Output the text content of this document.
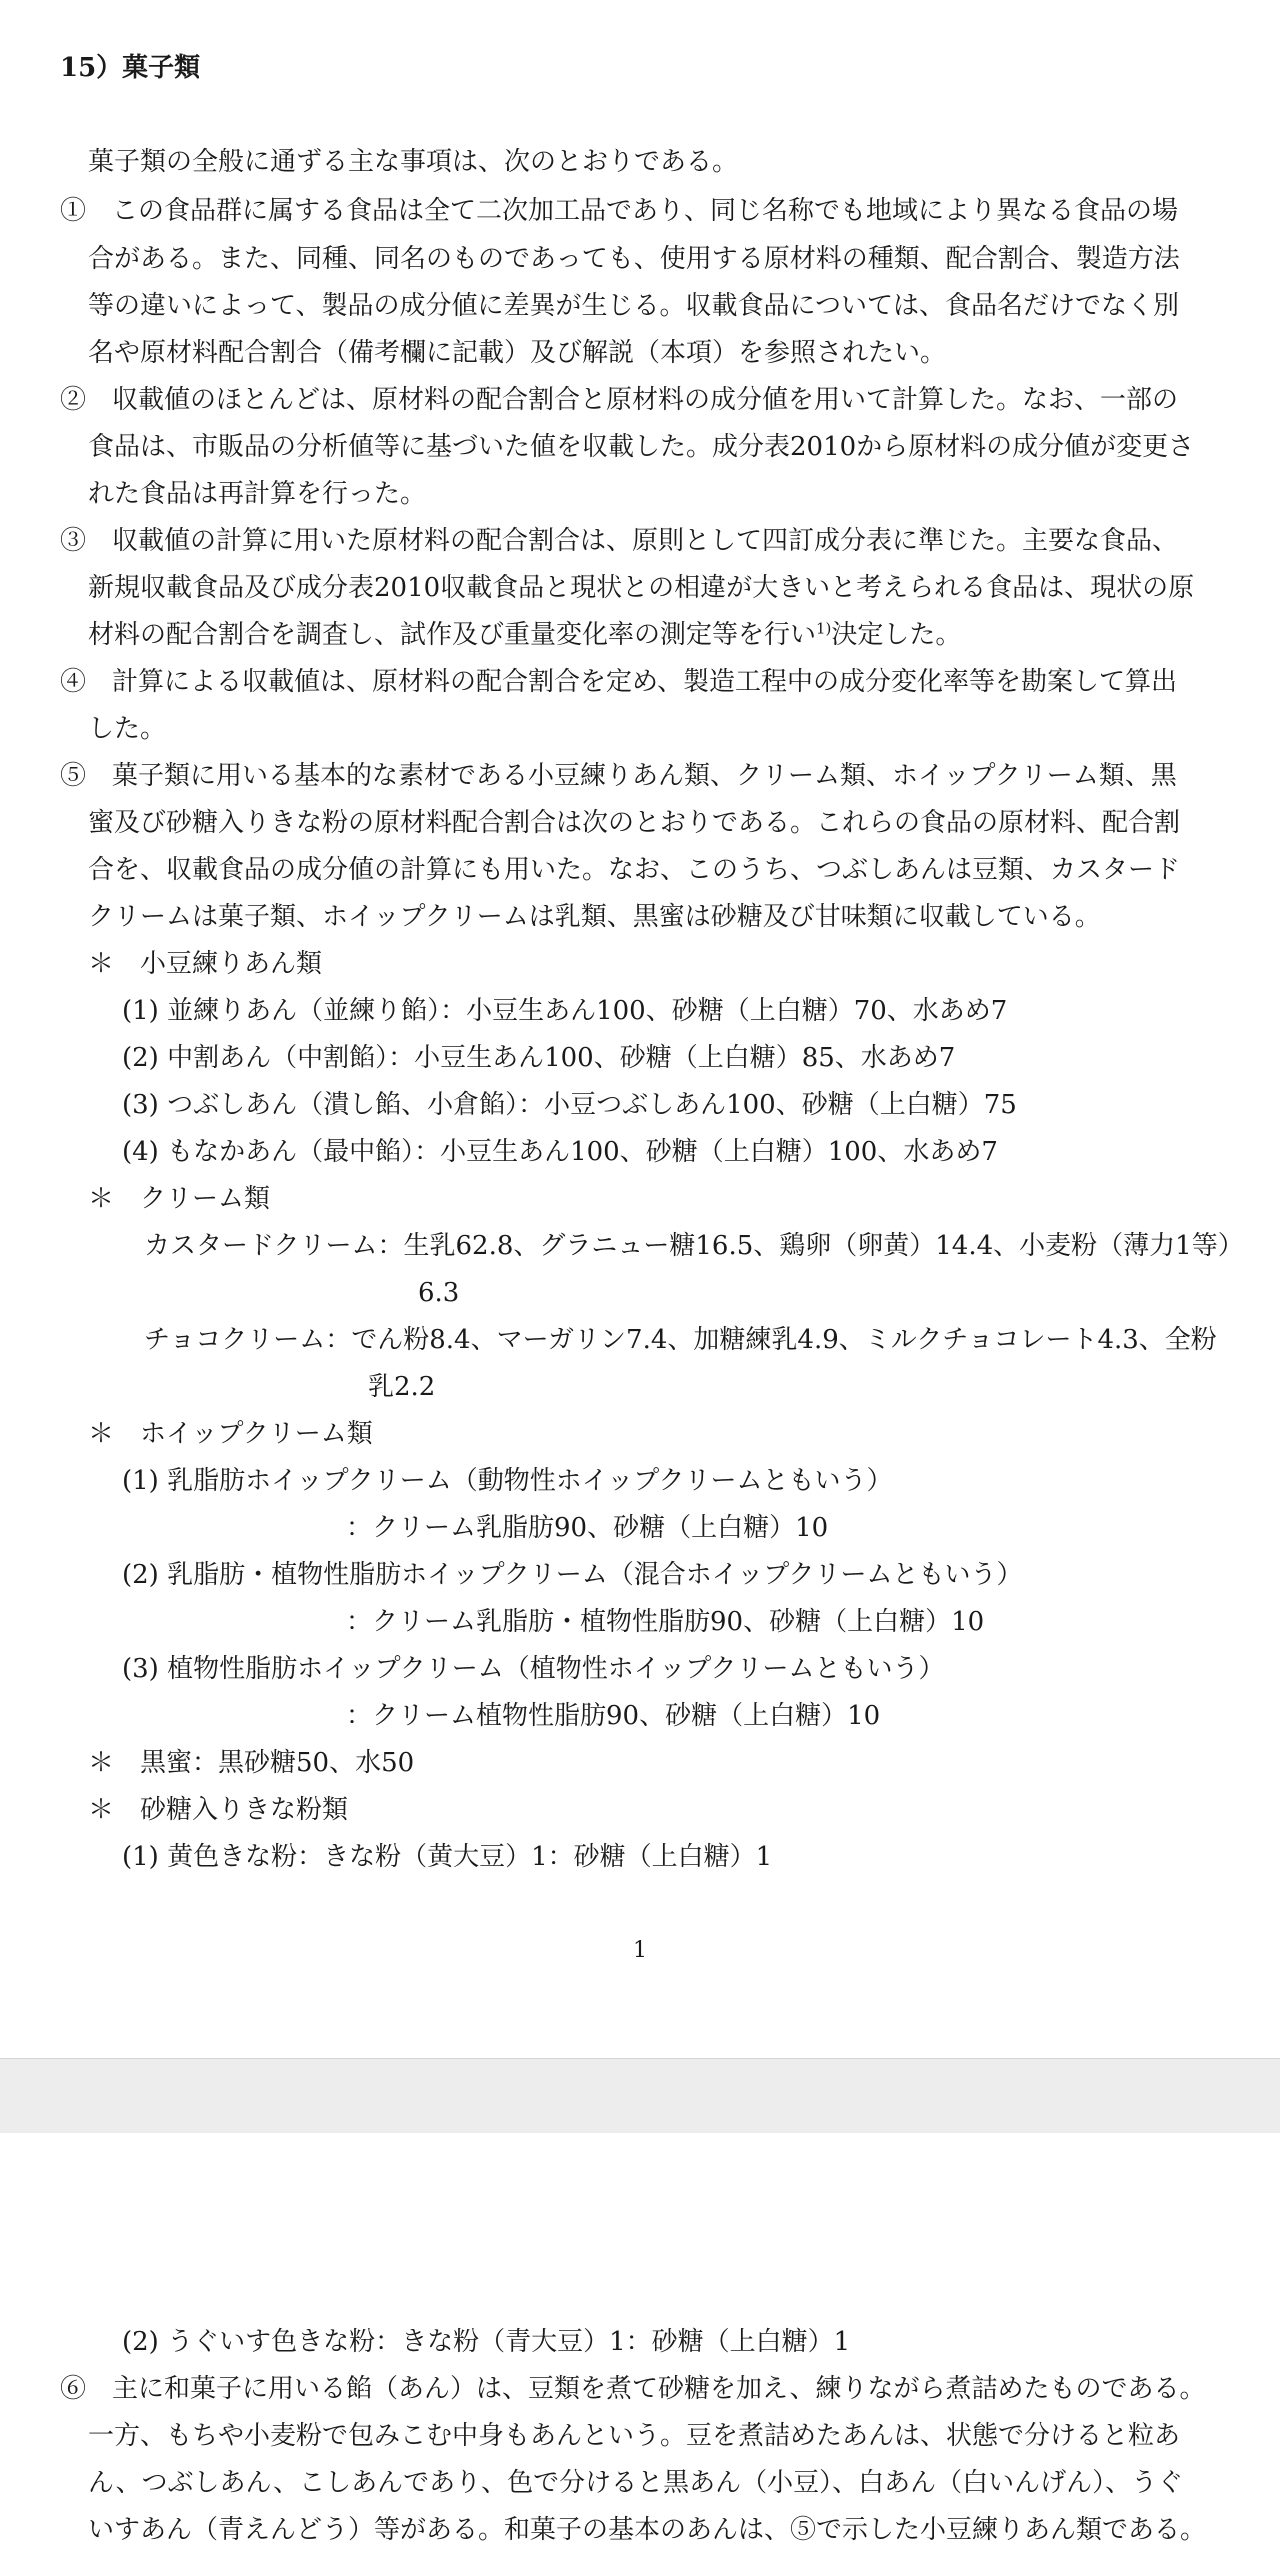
15）菓子類
菓子類の全般に通ずる主な事項は、次のとおりである。
①　この食品群に属する食品は全て二次加工品であり、同じ名称でも地域により異なる食品の場
合がある。また、同種、同名のものであっても、使用する原材料の種類、配合割合、製造方法
等の違いによって、製品の成分値に差異が生じる。収載食品については、食品名だけでなく別
名や原材料配合割合（備考欄に記載）及び解説（本項）を参照されたい。
②　収載値のほとんどは、原材料の配合割合と原材料の成分値を用いて計算した。なお、一部の
食品は、市販品の分析値等に基づいた値を収載した。成分表2010から原材料の成分値が変更さ
れた食品は再計算を行った。
③　収載値の計算に用いた原材料の配合割合は、原則として四訂成分表に準じた。主要な食品、
新規収載食品及び成分表2010収載食品と現状との相違が大きいと考えられる食品は、現状の原
材料の配合割合を調査し、試作及び重量変化率の測定等を行い$^{1)}$決定した。
④　計算による収載値は、原材料の配合割合を定め、製造工程中の成分変化率等を勘案して算出
した。
⑤　菓子類に用いる基本的な素材である小豆練りあん類、クリーム類、ホイップクリーム類、黒
蜜及び砂糖入りきな粉の原材料配合割合は次のとおりである。これらの食品の原材料、配合割
合を、収載食品の成分値の計算にも用いた。なお、このうち、つぶしあんは豆類、カスタード
クリームは菓子類、ホイップクリームは乳類、黒蜜は砂糖及び甘味類に収載している。
＊　小豆練りあん類
(1) 並練りあん（並練り餡）：小豆生あん100、砂糖（上白糖）70、水あめ7
(2) 中割あん（中割餡）：小豆生あん100、砂糖（上白糖）85、水あめ7
(3) つぶしあん（潰し餡、小倉餡）：小豆つぶしあん100、砂糖（上白糖）75
(4) もなかあん（最中餡）：小豆生あん100、砂糖（上白糖）100、水あめ7
＊　クリーム類
カスタードクリーム：生乳62.8、グラニュー糖16.5、鶏卵（卵黄）14.4、小麦粉（薄力1等）
6.3
チョコクリーム：でん粉8.4、マーガリン7.4、加糖練乳4.9、ミルクチョコレート4.3、全粉
乳2.2
＊　ホイップクリーム類
(1) 乳脂肪ホイップクリーム（動物性ホイップクリームともいう）
：クリーム乳脂肪90、砂糖（上白糖）10
(2) 乳脂肪・植物性脂肪ホイップクリーム（混合ホイップクリームともいう）
：クリーム乳脂肪・植物性脂肪90、砂糖（上白糖）10
(3) 植物性脂肪ホイップクリーム（植物性ホイップクリームともいう）
：クリーム植物性脂肪90、砂糖（上白糖）10
＊　黒蜜：黒砂糖50、水50
＊　砂糖入りきな粉類
(1) 黄色きな粉：きな粉（黄大豆）1：砂糖（上白糖）1
1
(2) うぐいす色きな粉：きな粉（青大豆）1：砂糖（上白糖）1
⑥　主に和菓子に用いる餡（あん）は、豆類を煮て砂糖を加え、練りながら煮詰めたものである。
一方、もちや小麦粉で包みこむ中身もあんという。豆を煮詰めたあんは、状態で分けると粒あ
ん、つぶしあん、こしあんであり、色で分けると黒あん（小豆）、白あん（白いんげん）、うぐ
いすあん（青えんどう）等がある。和菓子の基本のあんは、⑤で示した小豆練りあん類である。
